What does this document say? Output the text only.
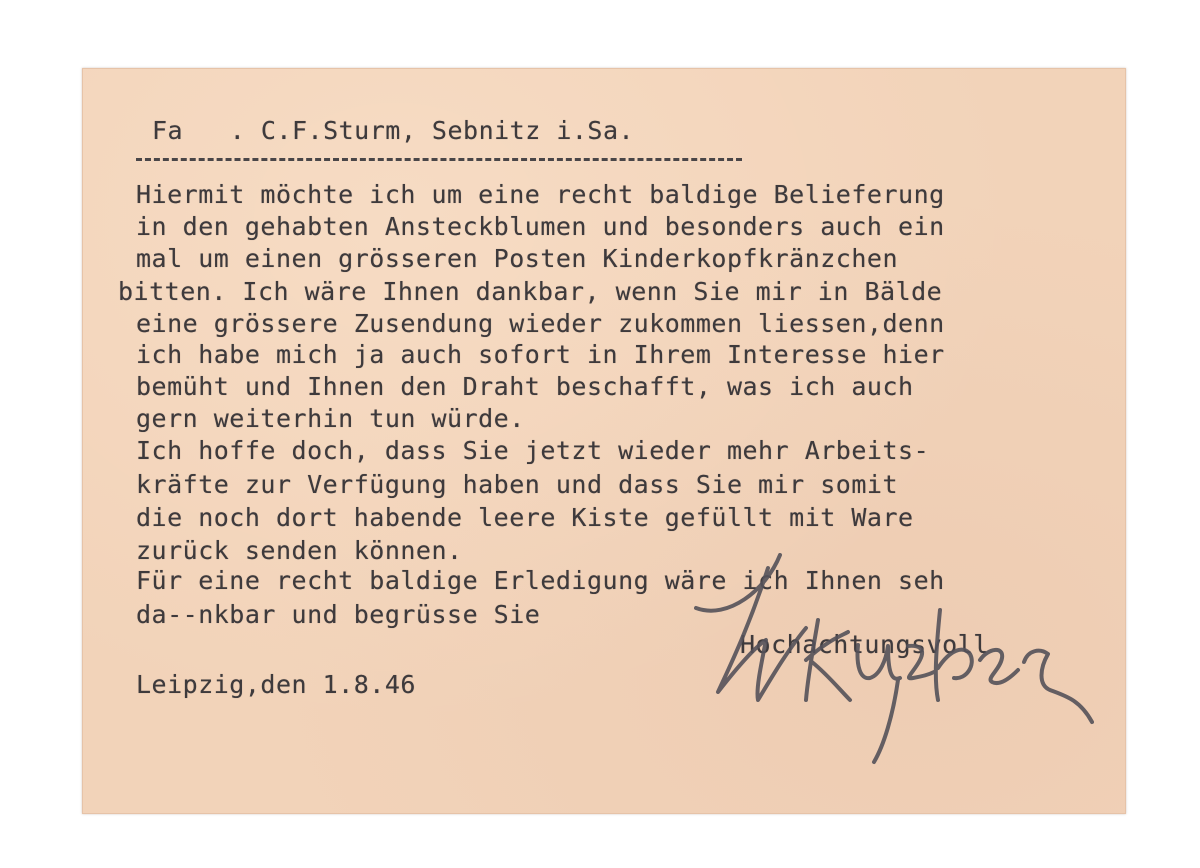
Fa   . C.F.Sturm, Sebnitz i.Sa.

Hiermit möchte ich um eine recht baldige Belieferung

in den gehabten Ansteckblumen und besonders auch ein

mal um einen grösseren Posten Kinderkopfkränzchen

bitten. Ich wäre Ihnen dankbar, wenn Sie mir in Bälde

eine grössere Zusendung wieder zukommen liessen,denn

ich habe mich ja auch sofort in Ihrem Interesse hier

bemüht und Ihnen den Draht beschafft, was ich auch

gern weiterhin tun würde.

Ich hoffe doch, dass Sie jetzt wieder mehr Arbeits-

kräfte zur Verfügung haben und dass Sie mir somit

die noch dort habende leere Kiste gefüllt mit Ware

zurück senden können.

Für eine recht baldige Erledigung wäre ich Ihnen seh

da--nkbar und begrüsse Sie

Hochachtungsvoll

Leipzig,den 1.8.46
